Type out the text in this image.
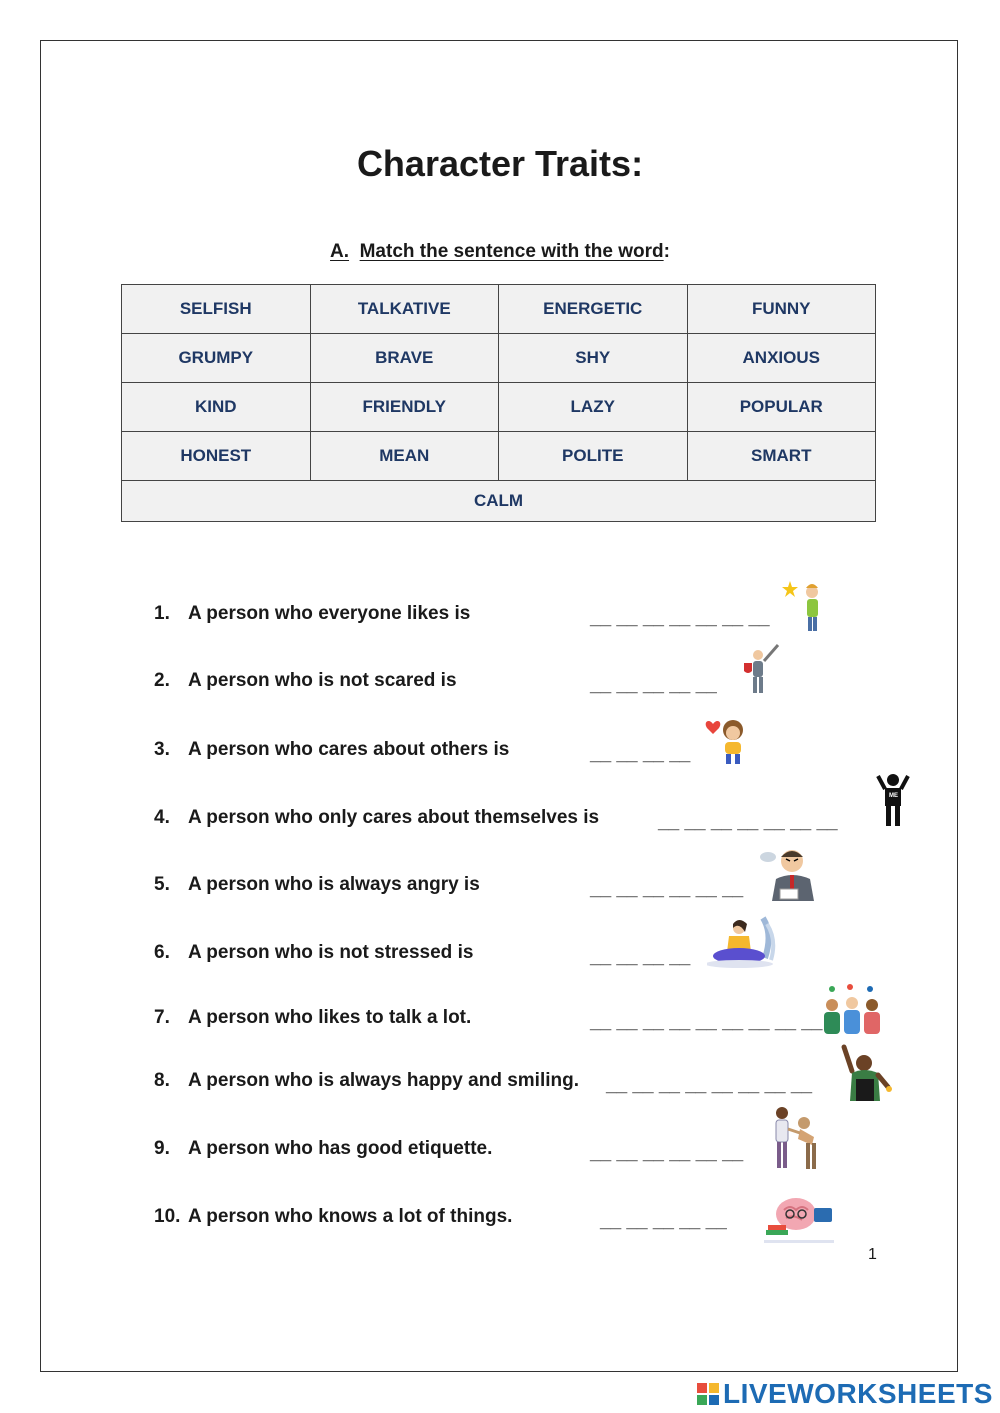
Character Traits:

A. Match the sentence with the word:

SELFISH	TALKATIVE	ENERGETIC	FUNNY
GRUMPY	BRAVE	SHY	ANXIOUS
KIND	FRIENDLY	LAZY	POPULAR
HONEST	MEAN	POLITE	SMART
CALM			
1. A person who everyone likes is	__ __ __ __ __ __ __
2. A person who is not scared is	__ __ __ __ __
3. A person who cares about others is	__ __ __ __
4. A person who only cares about themselves is	__ __ __ __ __ __ __
ME
5. A person who is always angry is	__ __ __ __ __ __
6. A person who is not stressed is	__ __ __ __
7. A person who likes to talk a lot.	__ __ __ __ __ __ __ __ __
8. A person who is always happy and smiling. __ __ __ __ __ __ __ __
9. A person who has good etiquette.	__ __ __ __ __ __
10. A person who knows a lot of things.	__ __ __ __ __

1

LIVEWORKSHEETS
